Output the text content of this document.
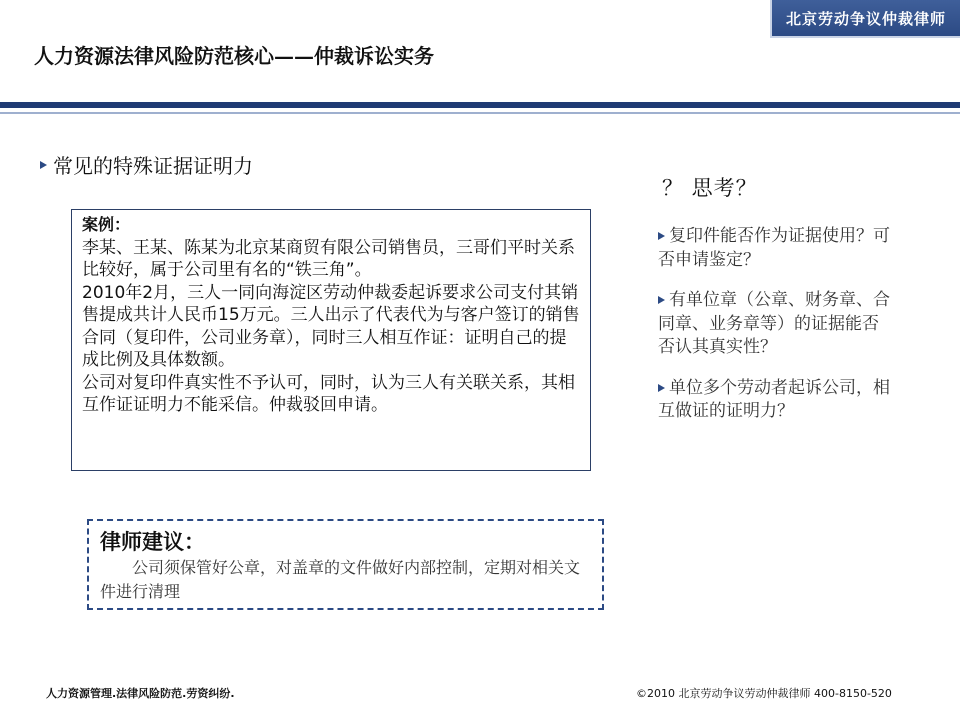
北京劳动争议仲裁律师
人力资源法律风险防范核心——仲裁诉讼实务
常见的特殊证据证明力

案例：

李某、王某、陈某为北京某商贸有限公司销售员，三哥们平时关系比较好，属于公司里有名的“铁三角”。

2010年2月，三人一同向海淀区劳动仲裁委起诉要求公司支付其销售提成共计人民币15万元。三人出示了代表代为与客户签订的销售合同（复印件，公司业务章），同时三人相互作证：证明自己的提成比例及具体数额。

公司对复印件真实性不予认可，同时，认为三人有关联关系，其相互作证证明力不能采信。仲裁驳回申请。

律师建议：
公司须保管好公章，对盖章的文件做好内部控制，定期对相关文件进行清理
？ 思考？
复印件能否作为证据使用？可否申请鉴定？
有单位章（公章、财务章、合同章、业务章等）的证据能否否认其真实性？
单位多个劳动者起诉公司，相互做证的证明力？
人力资源管理.法律风险防范.劳资纠纷.	©2010 北京劳动争议劳动仲裁律师 400-8150-520
